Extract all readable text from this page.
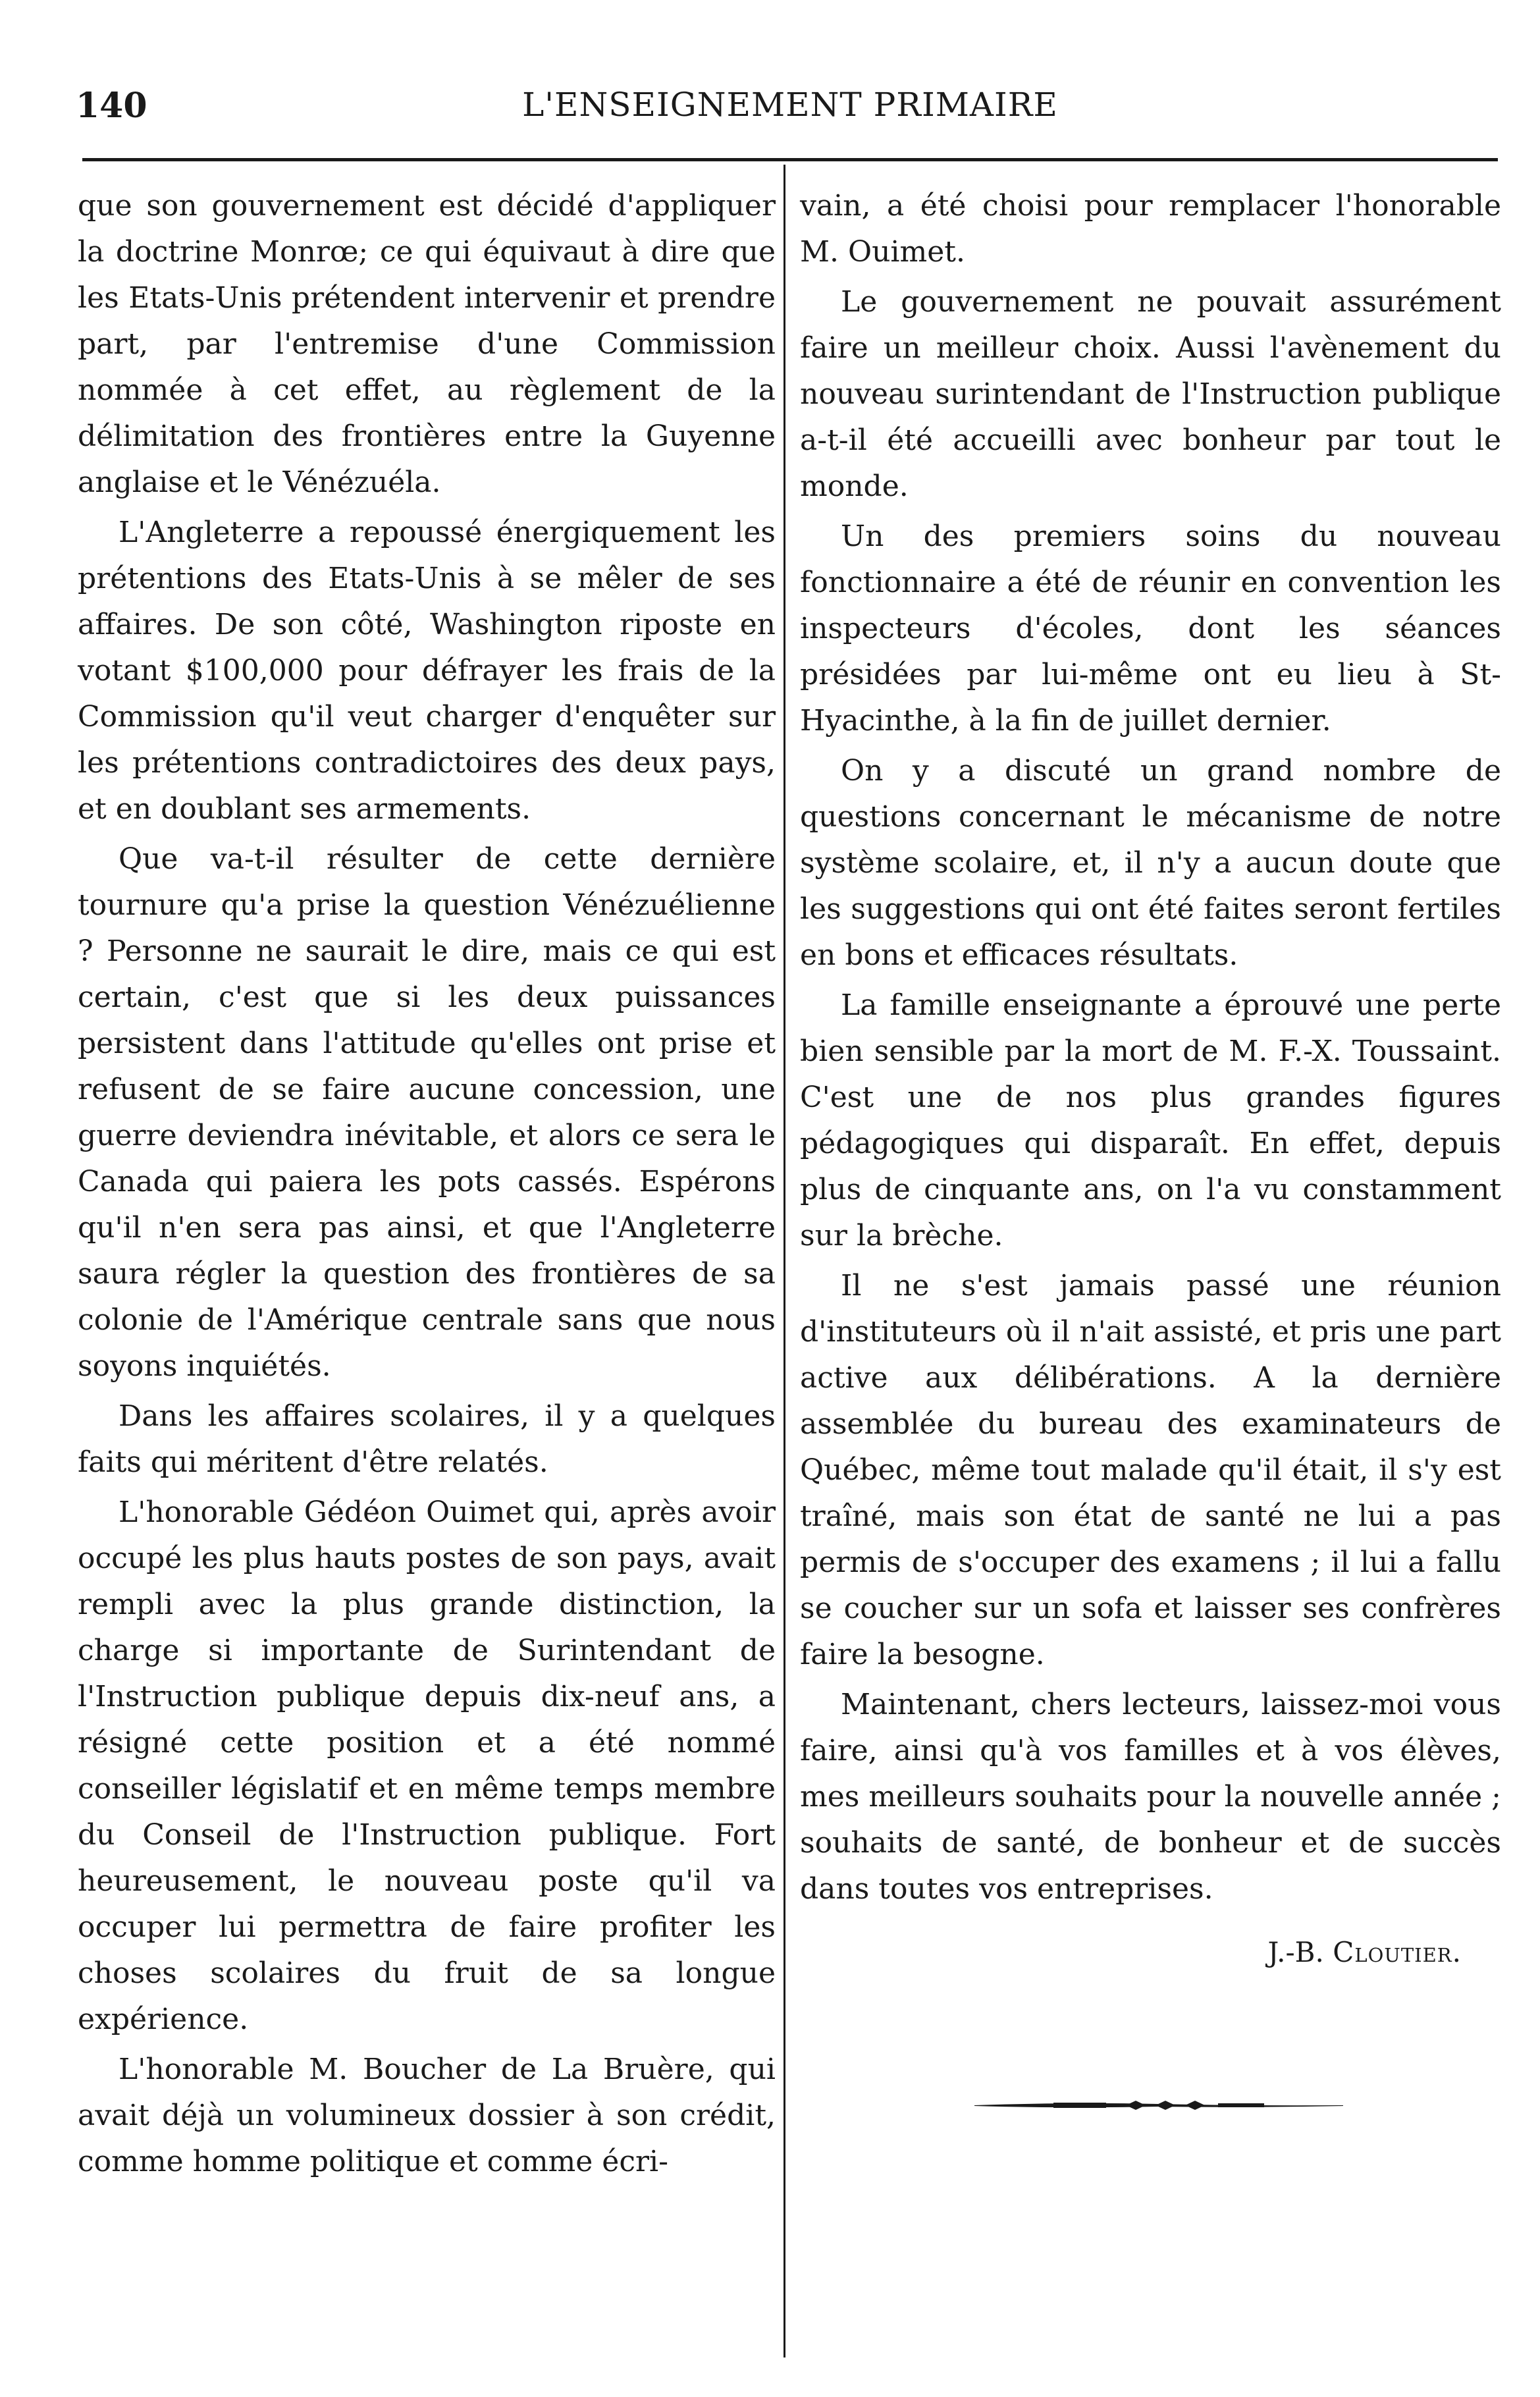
140	L'ENSEIGNEMENT PRIMAIRE

que son gouvernement est décidé d'appliquer la doctrine Monrœ; ce qui équivaut à dire que les Etats-Unis prétendent intervenir et prendre part, par l'entremise d'une Commission nommée à cet effet, au règlement de la délimitation des frontières entre la Guyenne anglaise et le Vénézuéla.

L'Angleterre a repoussé énergiquement les prétentions des Etats-Unis à se mêler de ses affaires. De son côté, Washington riposte en votant $100,000 pour défrayer les frais de la Commission qu'il veut charger d'enquêter sur les prétentions contradictoires des deux pays, et en doublant ses armements.

Que va-t-il résulter de cette dernière tournure qu'a prise la question Vénézuélienne ? Personne ne saurait le dire, mais ce qui est certain, c'est que si les deux puissances persistent dans l'attitude qu'elles ont prise et refusent de se faire aucune concession, une guerre deviendra inévitable, et alors ce sera le Canada qui paiera les pots cassés. Espérons qu'il n'en sera pas ainsi, et que l'Angleterre saura régler la question des frontières de sa colonie de l'Amérique centrale sans que nous soyons inquiétés.

Dans les affaires scolaires, il y a quelques faits qui méritent d'être relatés.

L'honorable Gédéon Ouimet qui, après avoir occupé les plus hauts postes de son pays, avait rempli avec la plus grande distinction, la charge si importante de Surintendant de l'Instruction publique depuis dix-neuf ans, a résigné cette position et a été nommé conseiller législatif et en même temps membre du Conseil de l'Instruction publique. Fort heureusement, le nouveau poste qu'il va occuper lui permettra de faire profiter les choses scolaires du fruit de sa longue expérience.

L'honorable M. Boucher de La Bruère, qui avait déjà un volumineux dossier à son crédit, comme homme politique et comme écri-

vain, a été choisi pour remplacer l'honorable M. Ouimet.

Le gouvernement ne pouvait assurément faire un meilleur choix. Aussi l'avènement du nouveau surintendant de l'Instruction publique a-t-il été accueilli avec bonheur par tout le monde.

Un des premiers soins du nouveau fonctionnaire a été de réunir en convention les inspecteurs d'écoles, dont les séances présidées par lui-même ont eu lieu à St-Hyacinthe, à la fin de juillet dernier.

On y a discuté un grand nombre de questions concernant le mécanisme de notre système scolaire, et, il n'y a aucun doute que les suggestions qui ont été faites seront fertiles en bons et efficaces résultats.

La famille enseignante a éprouvé une perte bien sensible par la mort de M. F.-X. Toussaint. C'est une de nos plus grandes figures pédagogiques qui disparaît. En effet, depuis plus de cinquante ans, on l'a vu constamment sur la brèche.

Il ne s'est jamais passé une réunion d'instituteurs où il n'ait assisté, et pris une part active aux délibérations. A la dernière assemblée du bureau des examinateurs de Québec, même tout malade qu'il était, il s'y est traîné, mais son état de santé ne lui a pas permis de s'occuper des examens ; il lui a fallu se coucher sur un sofa et laisser ses confrères faire la besogne.

Maintenant, chers lecteurs, laissez-moi vous faire, ainsi qu'à vos familles et à vos élèves, mes meilleurs souhaits pour la nouvelle année ; souhaits de santé, de bonheur et de succès dans toutes vos entreprises.

J.-B. Cloutier.
